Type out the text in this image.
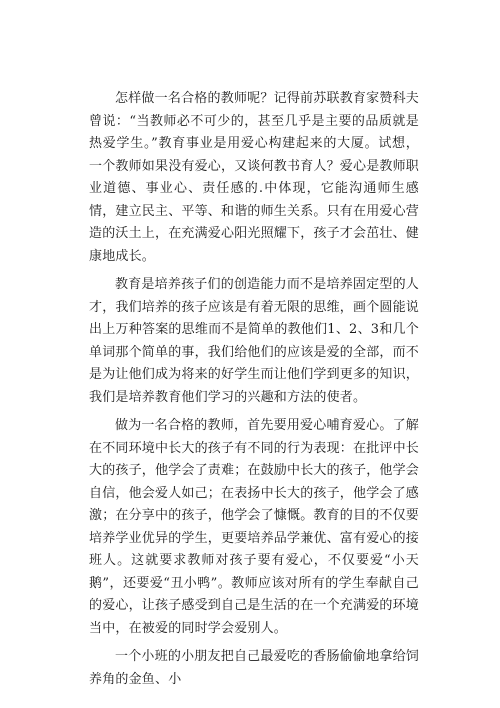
怎样做一名合格的教师呢？记得前苏联教育家赞科夫曾说：“当教师必不可少的，甚至几乎是主要的品质就是热爱学生。”教育事业是用爱心构建起来的大厦。试想，一个教师如果没有爱心，又谈何教书育人？爱心是教师职业道德、事业心、责任感的.中体现，它能沟通师生感情，建立民主、平等、和谐的师生关系。只有在用爱心营造的沃土上，在充满爱心阳光照耀下，孩子才会茁壮、健康地成长。

教育是培养孩子们的创造能力而不是培养固定型的人才，我们培养的孩子应该是有着无限的思维，画个圆能说出上万种答案的思维而不是简单的教他们1、2、3和几个单词那个简单的事，我们给他们的应该是爱的全部，而不是为让他们成为将来的好学生而让他们学到更多的知识，我们是培养教育他们学习的兴趣和方法的使者。

做为一名合格的教师，首先要用爱心哺育爱心。了解在不同环境中长大的孩子有不同的行为表现：在批评中长大的孩子，他学会了责难；在鼓励中长大的孩子，他学会自信，他会爱人如己；在表扬中长大的孩子，他学会了感激；在分享中的孩子，他学会了慷慨。教育的目的不仅要培养学业优异的学生，更要培养品学兼优、富有爱心的接班人。这就要求教师对孩子要有爱心，不仅要爱“小天鹅”，还要爱“丑小鸭”。教师应该对所有的学生奉献自己的爱心，让孩子感受到自己是生活的在一个充满爱的环境当中，在被爱的同时学会爱别人。

一个小班的小朋友把自己最爱吃的香肠偷偷地拿给饲养角的金鱼、小
